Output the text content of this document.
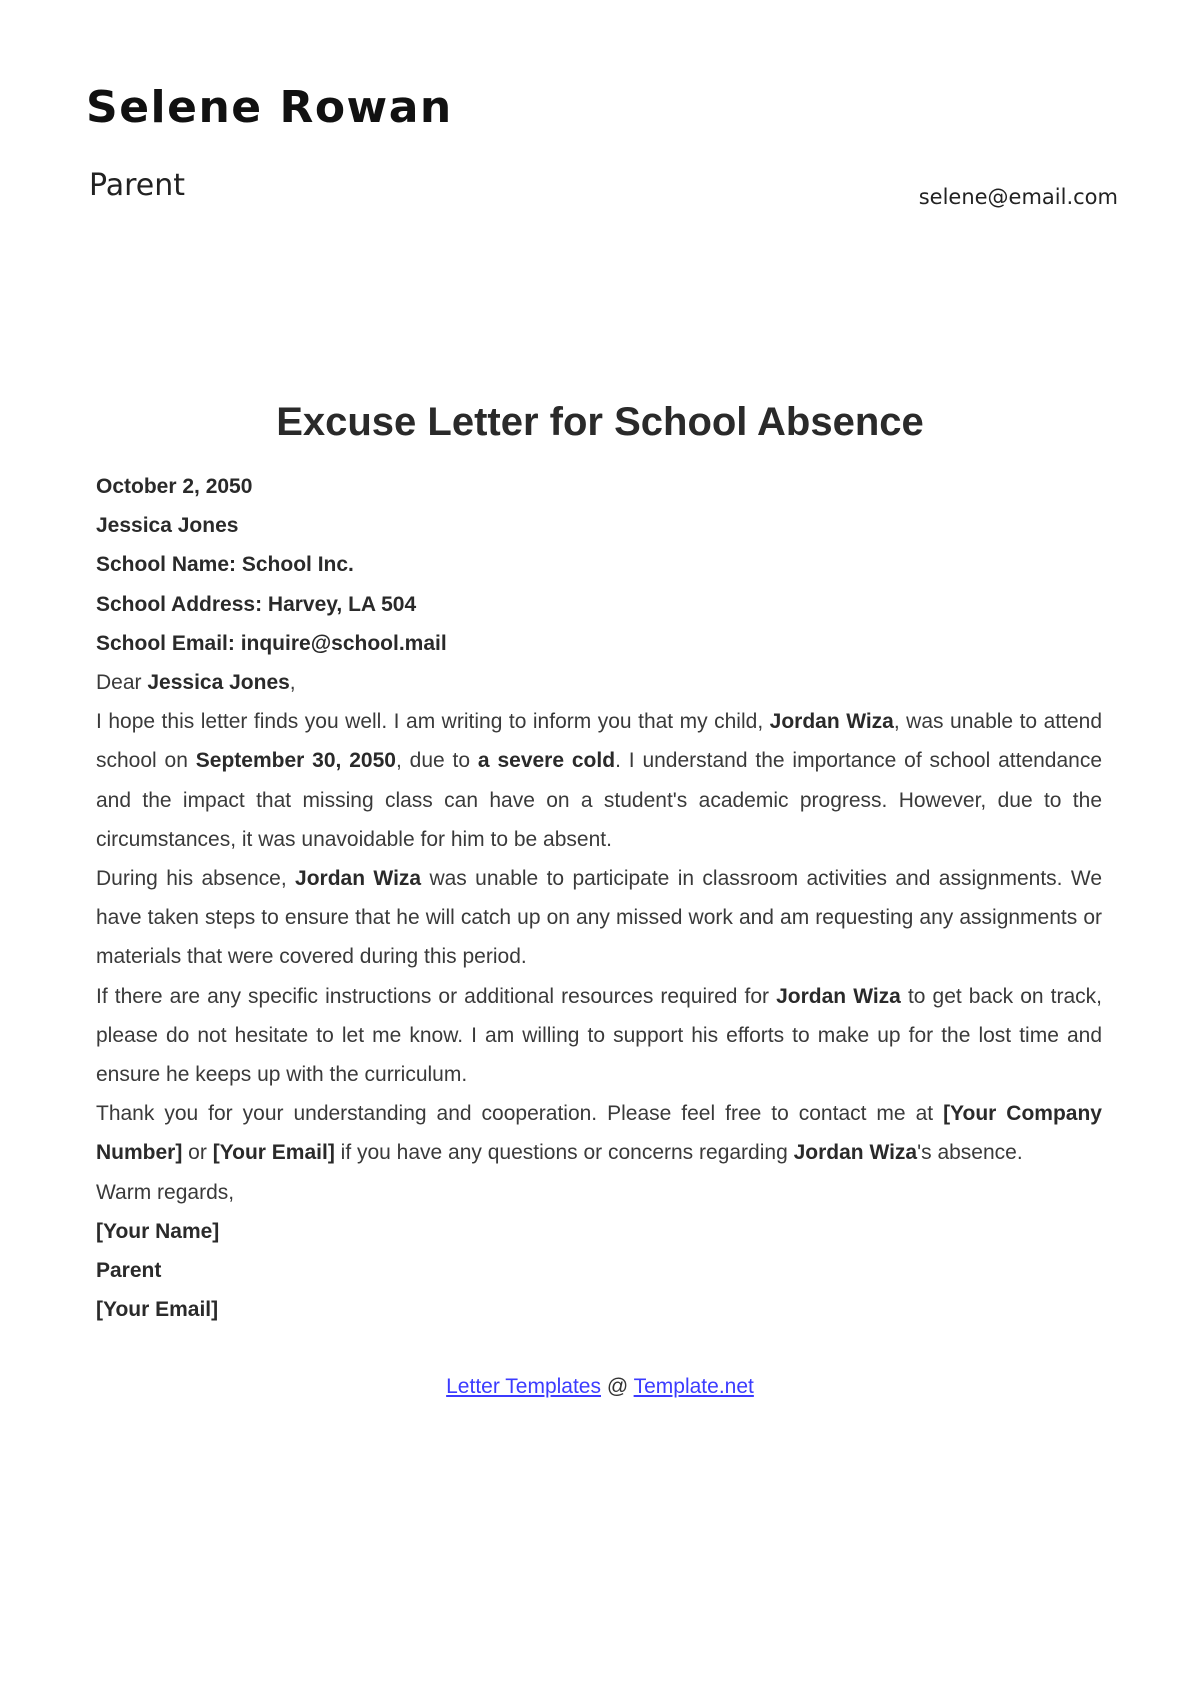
Selene Rowan
Parent	selene@email.com
Excuse Letter for School Absence
October 2, 2050
Jessica Jones
School Name: School Inc.
School Address: Harvey, LA 504
School Email: inquire@school.mail
Dear Jessica Jones,

I hope this letter finds you well. I am writing to inform you that my child, Jordan Wiza, was unable to attend school on September 30, 2050, due to a severe cold. I understand the importance of school attendance and the impact that missing class can have on a student's academic progress. However, due to the circumstances, it was unavoidable for him to be absent.

During his absence, Jordan Wiza was unable to participate in classroom activities and assignments. We have taken steps to ensure that he will catch up on any missed work and am requesting any assignments or materials that were covered during this period.

If there are any specific instructions or additional resources required for Jordan Wiza to get back on track, please do not hesitate to let me know. I am willing to support his efforts to make up for the lost time and ensure he keeps up with the curriculum.

Thank you for your understanding and cooperation. Please feel free to contact me at [Your Company Number] or [Your Email] if you have any questions or concerns regarding Jordan Wiza's absence.

Warm regards,
[Your Name]
Parent
[Your Email]
Letter Templates @ Template.net
